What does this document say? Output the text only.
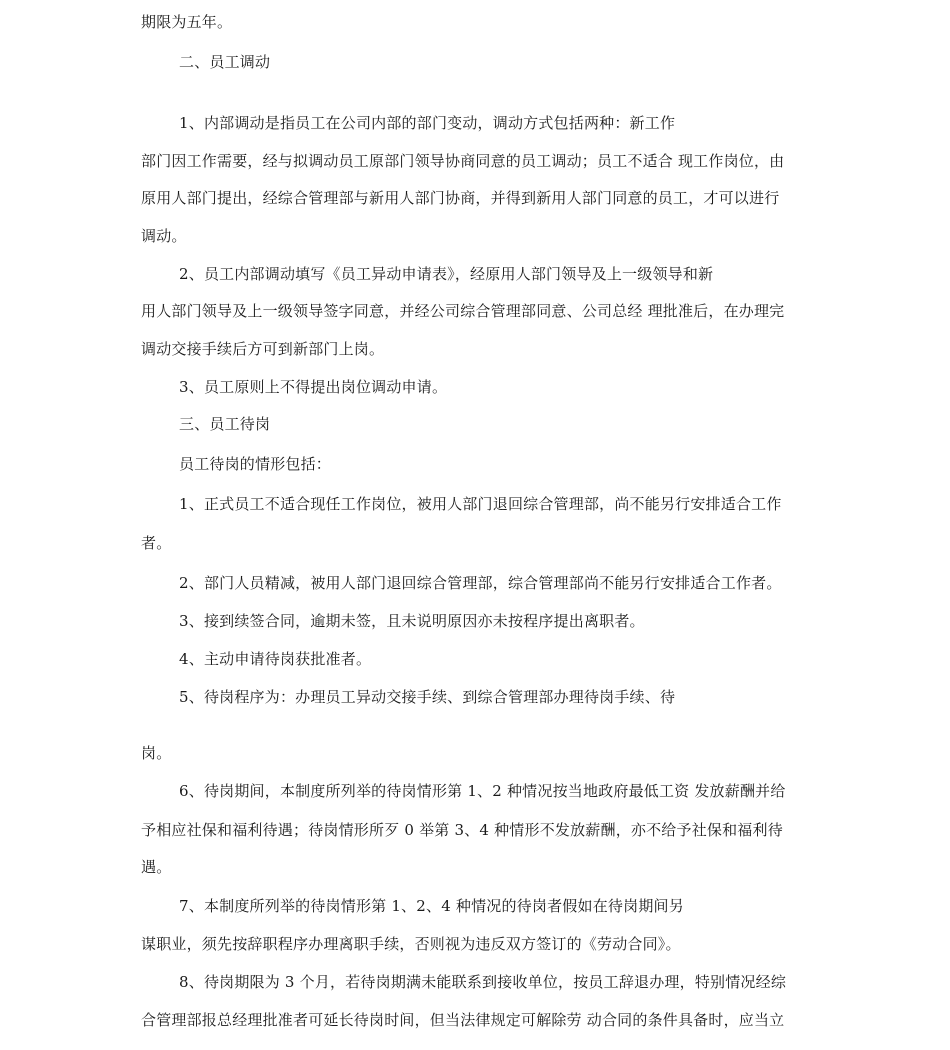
期限为五年。
二、员工调动
1、内部调动是指员工在公司内部的部门变动，调动方式包括两种：新工作
部门因工作需要，经与拟调动员工原部门领导协商同意的员工调动；员工不适合 现工作岗位，由
原用人部门提出，经综合管理部与新用人部门协商，并得到新用人部门同意的员工，才可以进行
调动。
2、员工内部调动填写《员工异动申请表》，经原用人部门领导及上一级领导和新
用人部门领导及上一级领导签字同意，并经公司综合管理部同意、公司总经 理批准后，在办理完
调动交接手续后方可到新部门上岗。
3、员工原则上不得提出岗位调动申请。
三、员工待岗
员工待岗的情形包括：
1、正式员工不适合现任工作岗位，被用人部门退回综合管理部，尚不能另行安排适合工作
者。
2、部门人员精减，被用人部门退回综合管理部，综合管理部尚不能另行安排适合工作者。
3、接到续签合同，逾期未签，且未说明原因亦未按程序提出离职者。
4、主动申请待岗获批准者。
5、待岗程序为：办理员工异动交接手续、到综合管理部办理待岗手续、待
岗。
6、待岗期间，本制度所列举的待岗情形第 1、2 种情况按当地政府最低工资 发放薪酬并给
予相应社保和福利待遇；待岗情形所歹 0 举第 3、4 种情形不发放薪酬，亦不给予社保和福利待
遇。
7、本制度所列举的待岗情形第 1、2、4 种情况的待岗者假如在待岗期间另
谋职业，须先按辞职程序办理离职手续，否则视为违反双方签订的《劳动合同》。
8、待岗期限为 3 个月，若待岗期满未能联系到接收单位，按员工辞退办理，特别情况经综
合管理部报总经理批准者可延长待岗时间，但当法律规定可解除劳 动合同的条件具备时，应当立
